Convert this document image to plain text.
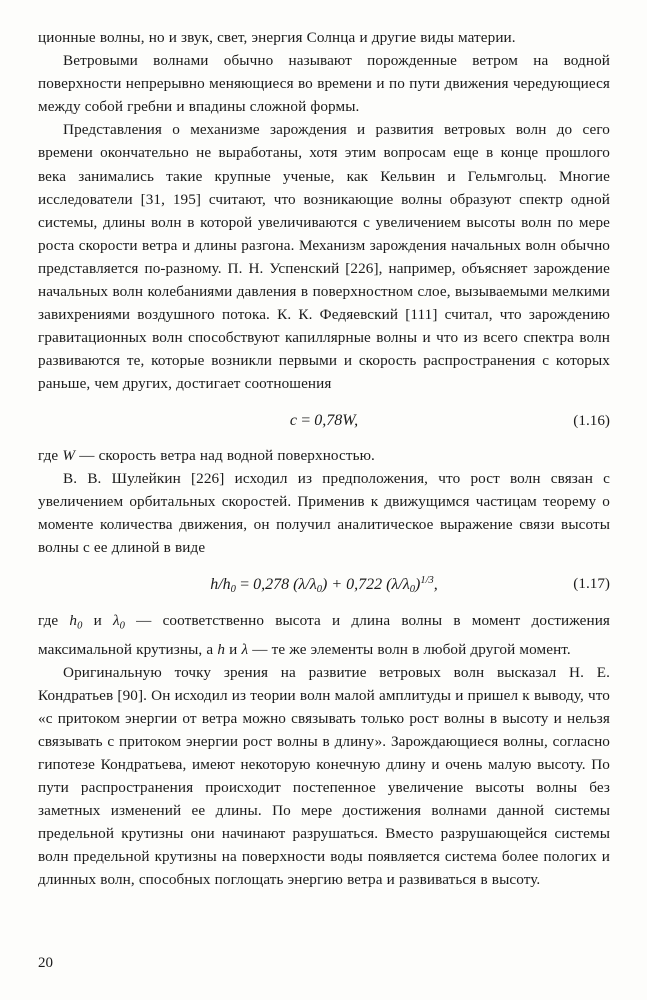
ционные волны, но и звук, свет, энергия Солнца и другие виды материи.

Ветровыми волнами обычно называют порожденные ветром на водной поверхности непрерывно меняющиеся во времени и по пути движения чередующиеся между собой гребни и впадины сложной формы.

Представления о механизме зарождения и развития ветровых волн до сего времени окончательно не выработаны, хотя этим вопросам еще в конце прошлого века занимались такие крупные ученые, как Кельвин и Гельмгольц. Многие исследователи [31, 195] считают, что возникающие волны образуют спектр одной системы, длины волн в которой увеличиваются с увеличением высоты волн по мере роста скорости ветра и длины разгона. Механизм зарождения начальных волн обычно представляется по-разному. П. Н. Успенский [226], например, объясняет зарождение начальных волн колебаниями давления в поверхностном слое, вызываемыми мелкими завихрениями воздушного потока. К. К. Федяевский [111] считал, что зарождению гравитационных волн способствуют капиллярные волны и что из всего спектра волн развиваются те, которые возникли первыми и скорость распространения c которых раньше, чем других, достигает соотношения

c = 0,78W,	(1.16)

где W — скорость ветра над водной поверхностью.

В. В. Шулейкин [226] исходил из предположения, что рост волн связан с увеличением орбитальных скоростей. Применив к движущимся частицам теорему о моменте количества движения, он получил аналитическое выражение связи высоты волны с ее длиной в виде

$h/h_0 = 0,278$ $(\lambda/\lambda_0) + 0,722$ $(\lambda/\lambda_0)^{1/3}$,	(1.17)

где $h_0$ и $\lambda_0$ — соответственно высота и длина волны в момент достижения максимальной крутизны, а h и λ — те же элементы волн в любой другой момент.

Оригинальную точку зрения на развитие ветровых волн высказал Н. Е. Кондратьев [90]. Он исходил из теории волн малой амплитуды и пришел к выводу, что «с притоком энергии от ветра можно связывать только рост волны в высоту и нельзя связывать с притоком энергии рост волны в длину». Зарождающиеся волны, согласно гипотезе Кондратьева, имеют некоторую конечную длину и очень малую высоту. По пути распространения происходит постепенное увеличение высоты волны без заметных изменений ее длины. По мере достижения волнами данной системы предельной крутизны они начинают разрушаться. Вместо разрушающейся системы волн предельной крутизны на поверхности воды появляется система более пологих и длинных волн, способных поглощать энергию ветра и развиваться в высоту.

20
